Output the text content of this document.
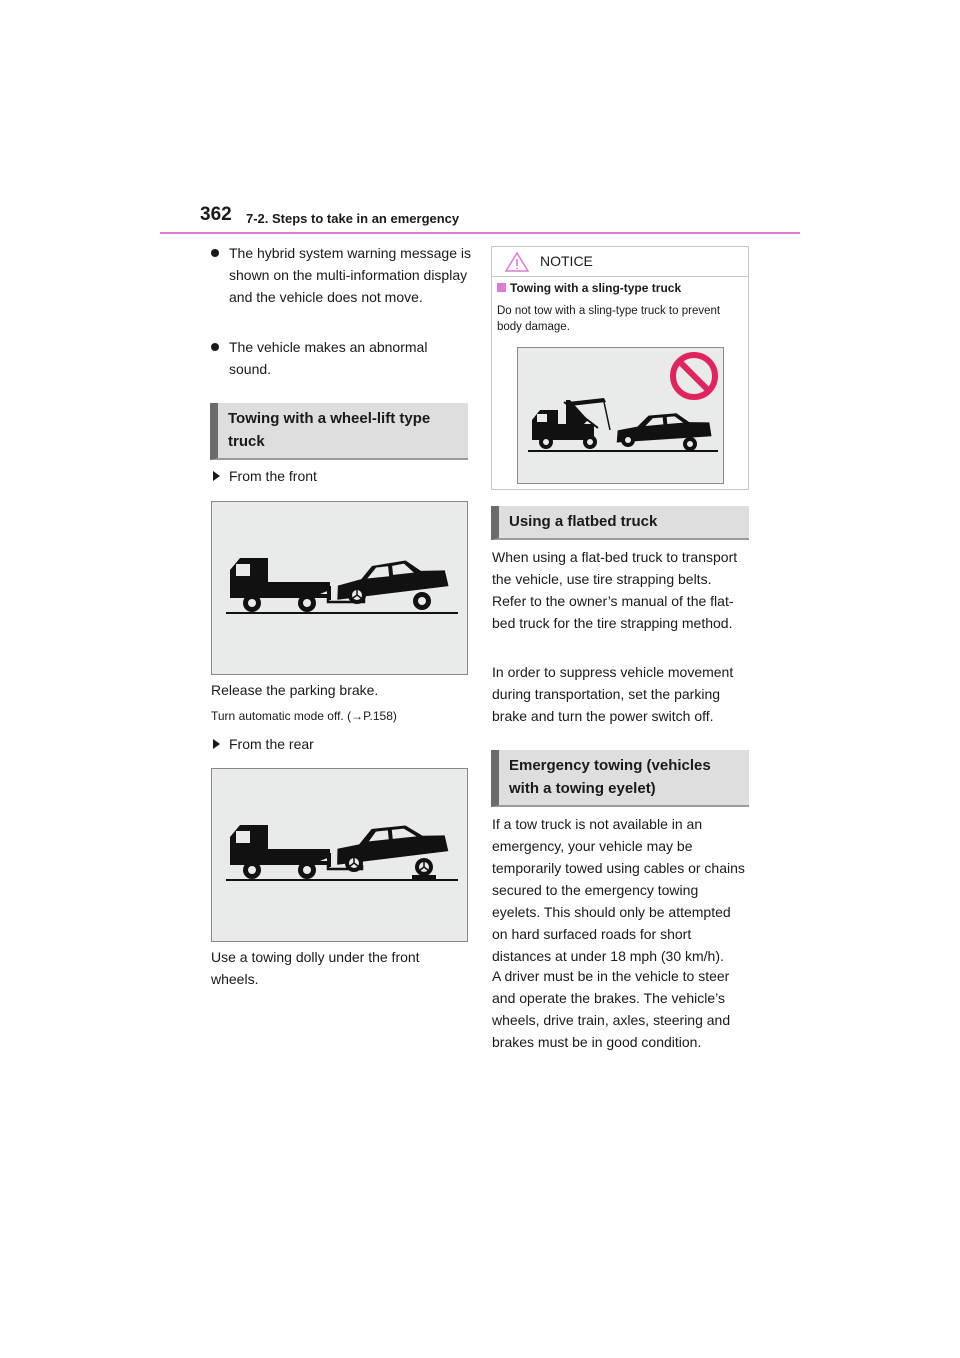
362 7-2. Steps to take in an emergency
The hybrid system warning message is shown on the multi-information display and the vehicle does not move.
The vehicle makes an abnormal sound.
Towing with a wheel-lift type truck
From the front
Release the parking brake.
Turn automatic mode off. (→P.158)
From the rear
Use a towing dolly under the front wheels.
NOTICE
Towing with a sling-type truck
Do not tow with a sling-type truck to prevent body damage.
Using a flatbed truck
When using a flat-bed truck to transport the vehicle, use tire strapping belts. Refer to the owner’s manual of the flat-bed truck for the tire strapping method.
In order to suppress vehicle movement during transportation, set the parking brake and turn the power switch off.
Emergency towing (vehicles with a towing eyelet)
If a tow truck is not available in an emergency, your vehicle may be temporarily towed using cables or chains secured to the emergency towing eyelets. This should only be attempted on hard surfaced roads for short distances at under 18 mph (30 km/h).
A driver must be in the vehicle to steer and operate the brakes. The vehicle’s wheels, drive train, axles, steering and brakes must be in good condition.
